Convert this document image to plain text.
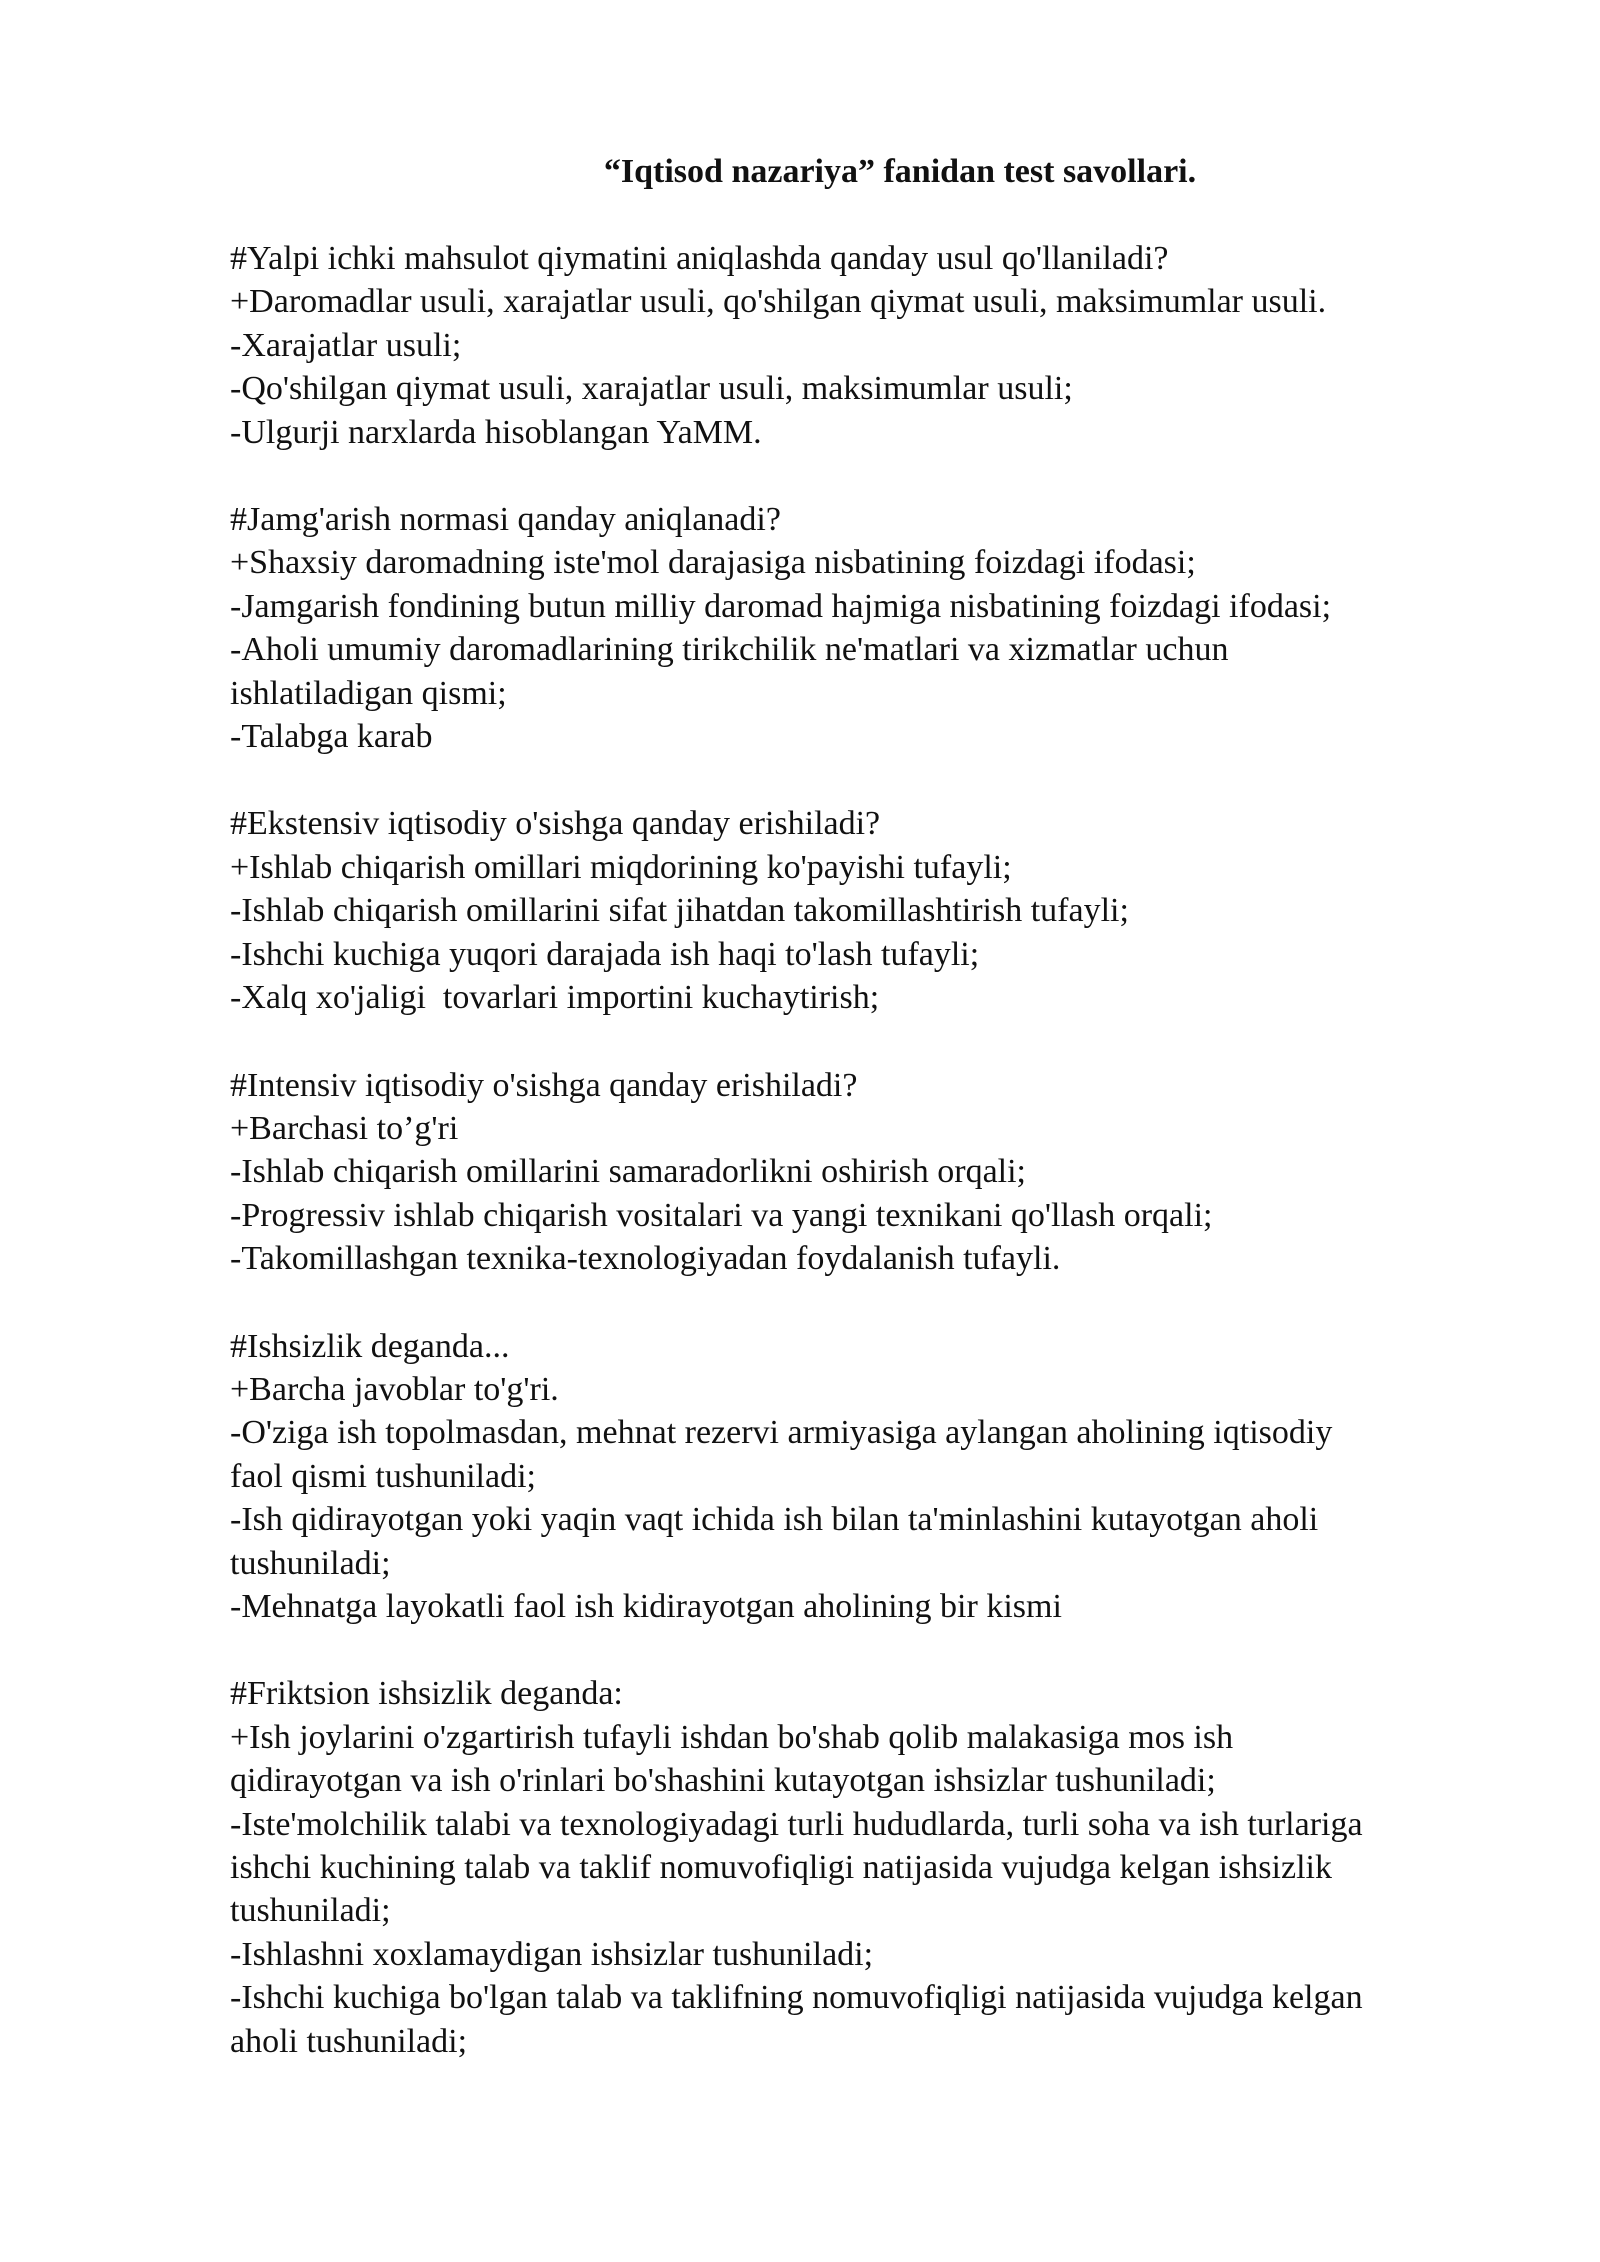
“Iqtisod nazariya” fanidan test savollari.

#Yalpi ichki mahsulot qiymatini aniqlashda qanday usul qo'llaniladi?

+Daromadlar usuli, xarajatlar usuli, qo'shilgan qiymat usuli, maksimumlar usuli.

-Xarajatlar usuli;

-Qo'shilgan qiymat usuli, xarajatlar usuli, maksimumlar usuli;

-Ulgurji narxlarda hisoblangan YaMM.

#Jamg'arish normasi qanday aniqlanadi?

+Shaxsiy daromadning iste'mol darajasiga nisbatining foizdagi ifodasi;

-Jamgarish fondining butun milliy daromad hajmiga nisbatining foizdagi ifodasi;

-Aholi umumiy daromadlarining tirikchilik ne'matlari va xizmatlar uchun
ishlatiladigan qismi;

-Talabga karab

#Ekstensiv iqtisodiy o'sishga qanday erishiladi?

+Ishlab chiqarish omillari miqdorining ko'payishi tufayli;

-Ishlab chiqarish omillarini sifat jihatdan takomillashtirish tufayli;

-Ishchi kuchiga yuqori darajada ish haqi to'lash tufayli;

-Xalq xo'jaligi  tovarlari importini kuchaytirish;

#Intensiv iqtisodiy o'sishga qanday erishiladi?

+Barchasi to’g'ri

-Ishlab chiqarish omillarini samaradorlikni oshirish orqali;

-Progressiv ishlab chiqarish vositalari va yangi texnikani qo'llash orqali;

-Takomillashgan texnika-texnologiyadan foydalanish tufayli.

#Ishsizlik deganda...

+Barcha javoblar to'g'ri.

-O'ziga ish topolmasdan, mehnat rezervi armiyasiga aylangan aholining iqtisodiy
faol qismi tushuniladi;

-Ish qidirayotgan yoki yaqin vaqt ichida ish bilan ta'minlashini kutayotgan aholi
tushuniladi;

-Mehnatga layokatli faol ish kidirayotgan aholining bir kismi

#Friktsion ishsizlik deganda:

+Ish joylarini o'zgartirish tufayli ishdan bo'shab qolib malakasiga mos ish
qidirayotgan va ish o'rinlari bo'shashini kutayotgan ishsizlar tushuniladi;

-Iste'molchilik talabi va texnologiyadagi turli hududlarda, turli soha va ish turlariga
ishchi kuchining talab va taklif nomuvofiqligi natijasida vujudga kelgan ishsizlik
tushuniladi;

-Ishlashni xoxlamaydigan ishsizlar tushuniladi;

-Ishchi kuchiga bo'lgan talab va taklifning nomuvofiqligi natijasida vujudga kelgan
aholi tushuniladi;
